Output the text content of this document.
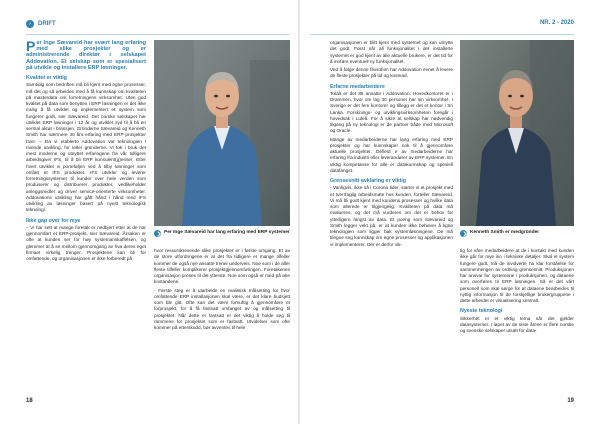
›	DRIFT
Per Inge Sævareid har svært lang erfaring med slike prosjekter og er administrerende direktør i selskapet Addovation. Et selskap som er spesialisert på utvikle og installere ERP løsninger.
Kvalitet er viktig

Samtidig som bedriften må bli kjent med egne prosesser, må det og så arbeides med å få kunnskap om kvaliteten på masterdata om forretningens virksomhet. Uten god kvalitet på data som benyttes i ERP løsningen er det ikke mulig å få utviklet og implementert et system som fungerer godt, sier Sævareid. Det norske selskapet har utviklet ERP løsninger i 12 år og utviklet syd til å bli en sentral aktør i bransjen. Gründerne Sævareid og Kenneth Smith har nærmere 30 års erfaring med ERP prosjekter hver. – Da vi etablerte Addovation var teknologien i rivende utvikling, for teller gründerne. Vi tok i bruk det mest moderne og utnyttet erfaringene fra vår tidligere arbeidsgiver IFS, til å bli ERP konsulent(g)enser. Etter hvert utviklet vi porteføljen ved å tilby løsninger som omfatt et IFS produktet. IFS utvikler og leverer forretningssystemer til kunder over hele verden som produserer og distribuerer produkter, vedlikeholder anleggsmidler og driver service-orienterte virksomheter. Addovations utvikling har gått hånd i hånd med IFS utvikling av løsninger basert på nyest teknologisk teknologi.

Ikke gap over for mye

– Vi har sett at mange foretak er nedbjert etter at de har gjennomført et ERP-prosjekt, sier Sævareid. Årsaken er ofte at kunden ser for høy systemanskaffelsen, og glemmer at å se mellom gjennomgang av hva deres eget firmaet virkelig trenger. Prosjektene kan bli for omfattende, og organisasjonen er ikke forberedt på

Per Inge Sævareid har lang erfaring med ERP systemer

hvor ressurskrevende slike prosjekter er i første omgang. Et av de store utfordringene er at det fra tidligere er mange tilfeller kommer de også nye ansatte trener underveis. Noe som i de aller fleste tilfeller komplikerer prosjektgjennomføringen. Foretakenes organisasjon preses til det ytterste. Noe som også er med på øke kostandene.

- Første steg er å utarbeide en realistisk målsetting for hvor omfattende ERP installasjonen skal være, er det klare budsjett som blir gitt. Ofte kan det være fornuftig å gjennomføre et forprosjekt, for å få fastsatt omfanget av og målsetting til prosjektet. Når dette er fastsatt er det viktig å holde seg til rammene for prosjektet som er fastsatt. Utvidelser som ofte kommer på etterskudd, bør avventes til hele

18
NR. 2 - 2020

organisasjonen er blitt kjent med systemet og kan utnytte det godt. Først når all funksjonalitet i det installerte systemet er god kjent av alle aktuelle brukere, er det tid for å innføre eventuell ny funksjonalitet.

Ved å følge denne filosofien har Addovation evnet å levere de fleste prosjekter på tid og kostnad.

Erfarne medarbeidere

Totalt er det 85 ansatte i Addovation. Hovedkontoret er i Drammen, hvor om lag 30 personer har sin virksomhet. I Sverige er det fem kontorer og tillegg er det et kontor i Sri Lanka. Forsknings- og utviklingsvirksomheten foregår i hovedsak i Luleå. For å sikre at selskap har nødvendig tilgang på ny teknologi er de partner både med Microsoft og Oracle.

Mange av medarbeiderne har lang erfaring med ERP prosjekter og har kunnskaper nok til å gjennomføre aktuelle prosjekter. Deflest e av medarbeiderne har erfaring fra industri eller leverandører av ERP systemer. En viktig kompetanse for alle er datakunnskap og spesiell datafangst.

Grensesnitt avklaring er viktig

- Vanligvis, ikke så i Corona tider, starter vi et prosjekt med et tverrfaglig arbeidsmøte hos kunden, forteller Sævareid. Vi må bli godt kjent med kundens prosesser og hvilke data som allerede er tilgjengelig. Kvaliteten på data må evalueres, og det må vurderes om det er behov for ytterligere fangst av data. Et poeng som Sævareid og Smith legger vekt på, er at kunden ikke behøver å ligne teknologien som ligger bak systemløsningene. De må tilegne seg kunnskap om egne prosesser og applikasjonen vi implementerer. Der er derfor vik-

Kenneth Smith er medgründer

tig for våre medarbeidere at de i kontakt med kunden ikke går for mye inn i tekniske detaljer. Skal et system fungere godt, må de involverte ha klar forståelse for sammenhengen av ordning grensesnitt. Produksjonen har ansvar for systemene i produksjonen, og dataene som overføres til ERP løsningen. Så er det vårt personell som skal sørge for at dataene bearbeides til nyttig informasjon til de forskjellige brukergruppene i dette arbeidet er visualisering sentralt.

Nyeste teknologi

Sikkerhet er et viktig tema når det gjelder datasystemer. I løpet av de siste årene er flere norske og svenske selskaper utsatt for data-

19
